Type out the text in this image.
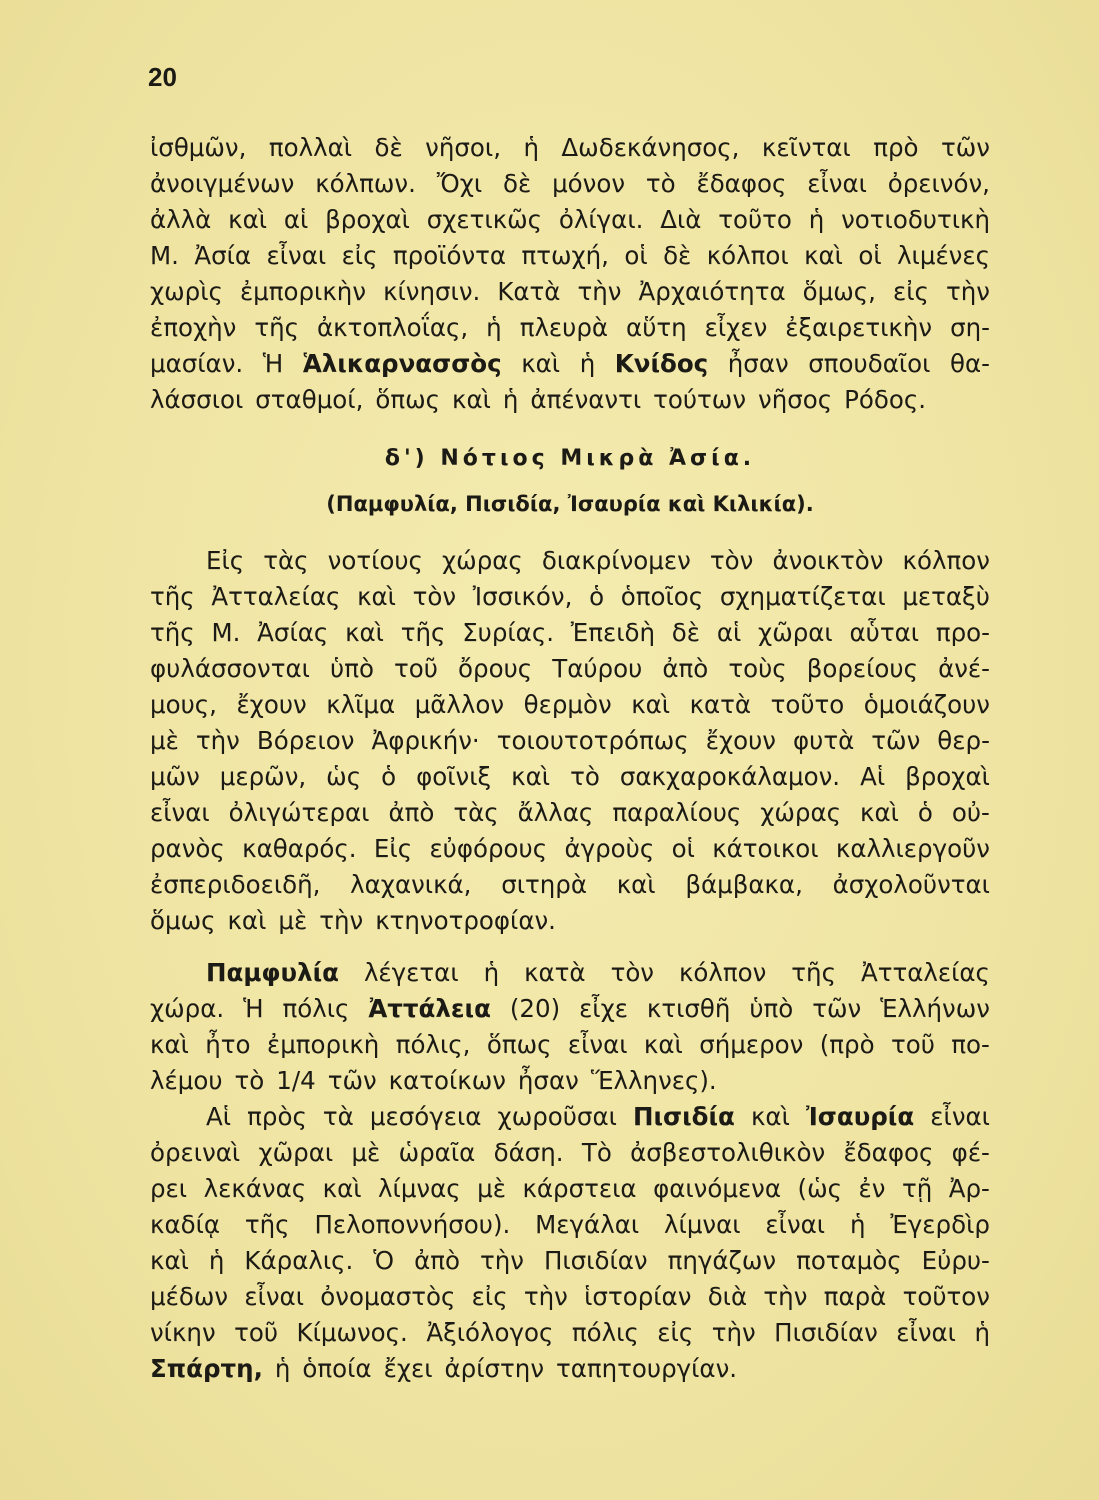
20
ἰσθμῶν, πολλαὶ δὲ νῆσοι, ἡ Δωδεκάνησος, κεῖνται πρὸ τῶν
ἀνοιγμένων κόλπων. Ὄχι δὲ μόνον τὸ ἔδαφος εἶναι ὀρεινόν,
ἀλλὰ καὶ αἱ βροχαὶ σχετικῶς ὀλίγαι. Διὰ τοῦτο ἡ νοτιοδυτικὴ
Μ. Ἀσία εἶναι εἰς προϊόντα πτωχή, οἱ δὲ κόλποι καὶ οἱ λιμένες
χωρὶς ἐμπορικὴν κίνησιν. Κατὰ τὴν Ἀρχαιότητα ὅμως, εἰς τὴν
ἐποχὴν τῆς ἀκτοπλοΐας, ἡ πλευρὰ αὕτη εἶχεν ἐξαιρετικὴν ση-
μασίαν. Ἡ Ἁλικαρνασσὸς καὶ ἡ Κνίδος ἦσαν σπουδαῖοι θα-
λάσσιοι σταθμοί, ὅπως καὶ ἡ ἀπέναντι τούτων νῆσος Ρόδος.
δ') Νότιος Μικρὰ Ἀσία.
(Παμφυλία, Πισιδία, Ἰσαυρία καὶ Κιλικία).
Εἰς τὰς νοτίους χώρας διακρίνομεν τὸν ἀνοικτὸν κόλπον
τῆς Ἀτταλείας καὶ τὸν Ἰσσικόν, ὁ ὁποῖος σχηματίζεται μεταξὺ
τῆς Μ. Ἀσίας καὶ τῆς Συρίας. Ἐπειδὴ δὲ αἱ χῶραι αὗται προ-
φυλάσσονται ὑπὸ τοῦ ὄρους Ταύρου ἀπὸ τοὺς βορείους ἀνέ-
μους, ἔχουν κλῖμα μᾶλλον θερμὸν καὶ κατὰ τοῦτο ὁμοιάζουν
μὲ τὴν Βόρειον Ἀφρικήν· τοιουτοτρόπως ἔχουν φυτὰ τῶν θερ-
μῶν μερῶν, ὡς ὁ φοῖνιξ καὶ τὸ σακχαροκάλαμον. Αἱ βροχαὶ
εἶναι ὀλιγώτεραι ἀπὸ τὰς ἄλλας παραλίους χώρας καὶ ὁ οὐ-
ρανὸς καθαρός. Εἰς εὐφόρους ἀγροὺς οἱ κάτοικοι καλλιεργοῦν
ἐσπεριδοειδῆ, λαχανικά, σιτηρὰ καὶ βάμβακα, ἀσχολοῦνται
ὅμως καὶ μὲ τὴν κτηνοτροφίαν.
Παμφυλία λέγεται ἡ κατὰ τὸν κόλπον τῆς Ἀτταλείας
χώρα. Ἡ πόλις Ἀττάλεια (20) εἶχε κτισθῆ ὑπὸ τῶν Ἑλλήνων
καὶ ἦτο ἐμπορικὴ πόλις, ὅπως εἶναι καὶ σήμερον (πρὸ τοῦ πο-
λέμου τὸ 1/4 τῶν κατοίκων ἦσαν Ἕλληνες).
Αἱ πρὸς τὰ μεσόγεια χωροῦσαι Πισιδία καὶ Ἰσαυρία εἶναι
ὀρειναὶ χῶραι μὲ ὡραῖα δάση. Τὸ ἀσβεστολιθικὸν ἔδαφος φέ-
ρει λεκάνας καὶ λίμνας μὲ κάρστεια φαινόμενα (ὡς ἐν τῇ Ἀρ-
καδίᾳ τῆς Πελοποννήσου). Μεγάλαι λίμναι εἶναι ἡ Ἐγερδὶρ
καὶ ἡ Κάραλις. Ὁ ἀπὸ τὴν Πισιδίαν πηγάζων ποταμὸς Εὐρυ-
μέδων εἶναι ὀνομαστὸς εἰς τὴν ἱστορίαν διὰ τὴν παρὰ τοῦτον
νίκην τοῦ Κίμωνος. Ἀξιόλογος πόλις εἰς τὴν Πισιδίαν εἶναι ἡ
Σπάρτη, ἡ ὁποία ἔχει ἀρίστην ταπητουργίαν.
